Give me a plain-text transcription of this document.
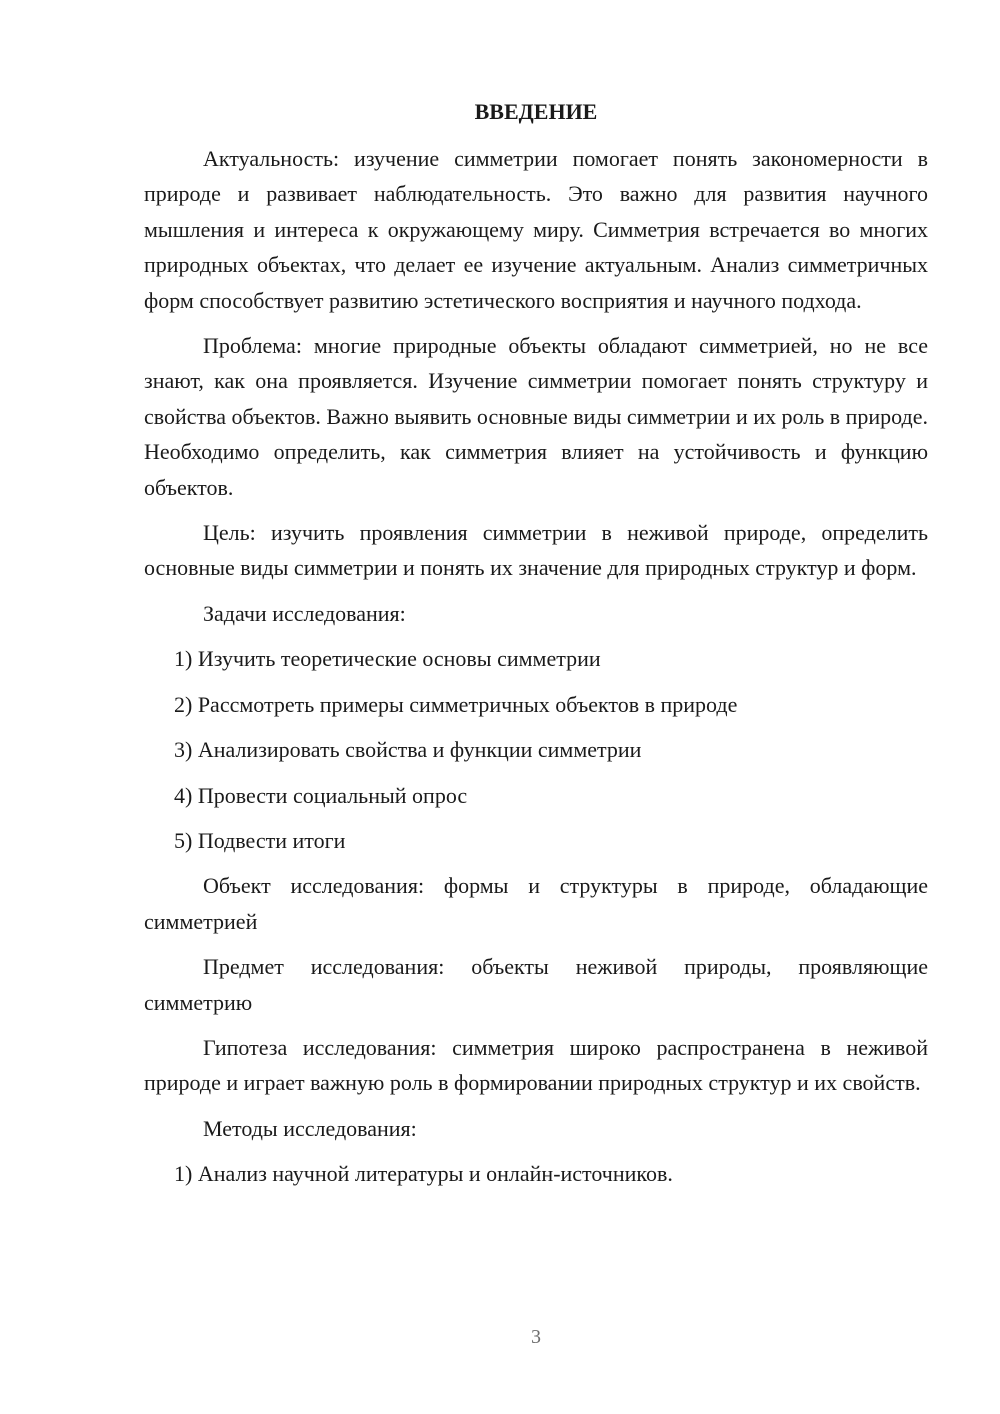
ВВЕДЕНИЕ

Актуальность: изучение симметрии помогает понять закономерности в природе и развивает наблюдательность. Это важно для развития научного мышления и интереса к окружающему миру. Симметрия встречается во многих природных объектах, что делает ее изучение актуальным. Анализ симметричных форм способствует развитию эстетического восприятия и научного подхода.

Проблема: многие природные объекты обладают симметрией, но не все знают, как она проявляется. Изучение симметрии помогает понять структуру и свойства объектов. Важно выявить основные виды симметрии и их роль в природе. Необходимо определить, как симметрия влияет на устойчивость и функцию объектов.

Цель: изучить проявления симметрии в неживой природе, определить основные виды симметрии и понять их значение для природных структур и форм.

Задачи исследования:

1) Изучить теоретические основы симметрии

2) Рассмотреть примеры симметричных объектов в природе

3) Анализировать свойства и функции симметрии

4) Провести социальный опрос

5) Подвести итоги

Объект исследования: формы и структуры в природе, обладающие симметрией

Предмет исследования: объекты неживой природы, проявляющие симметрию

Гипотеза исследования: симметрия широко распространена в неживой природе и играет важную роль в формировании природных структур и их свойств.

Методы исследования:

1) Анализ научной литературы и онлайн-источников.

3
